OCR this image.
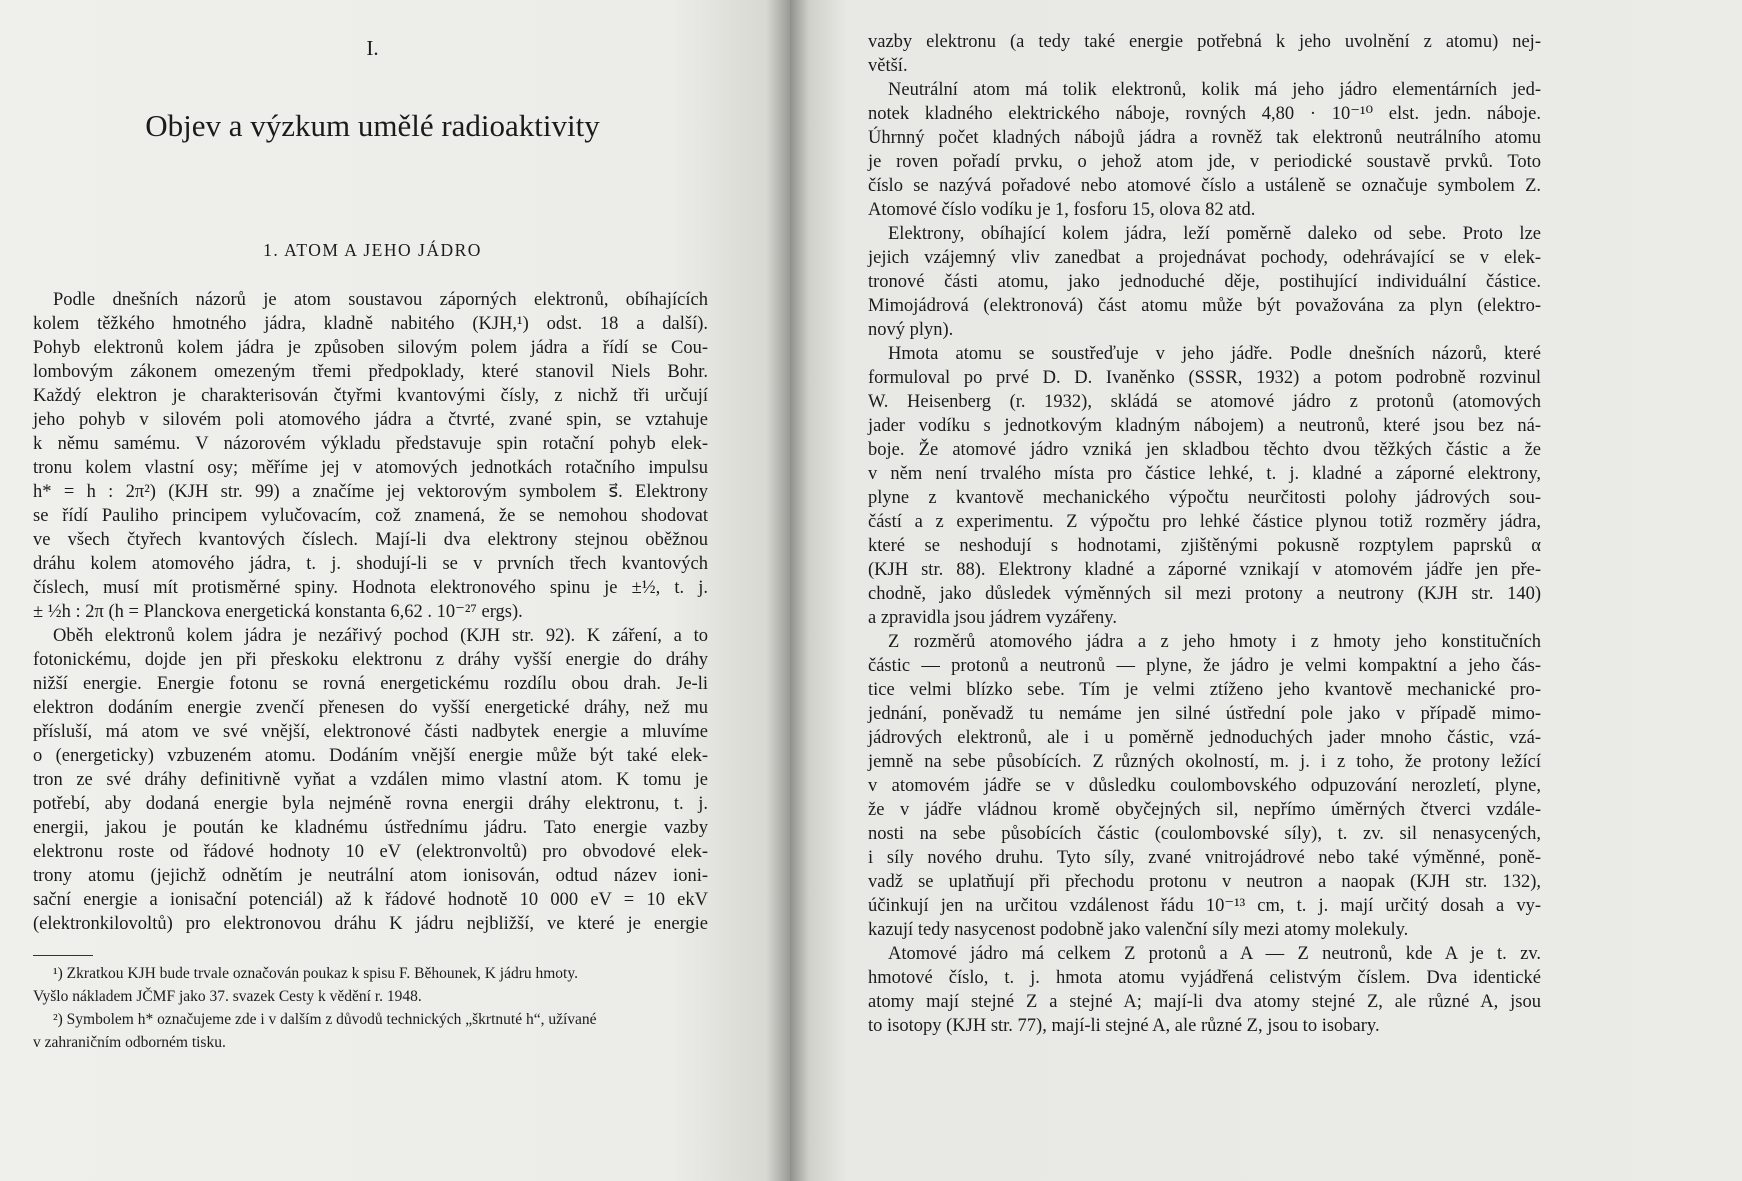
I.
Objev a výzkum umělé radioaktivity
1. ATOM A JEHO JÁDRO
Podle dnešních názorů je atom soustavou záporných elektronů, obíhajících
kolem těžkého hmotného jádra, kladně nabitého (KJH,¹) odst. 18 a další).
Pohyb elektronů kolem jádra je způsoben silovým polem jádra a řídí se Cou-
lombovým zákonem omezeným třemi předpoklady, které stanovil Niels Bohr.
Každý elektron je charakterisován čtyřmi kvantovými čísly, z nichž tři určují
jeho pohyb v silovém poli atomového jádra a čtvrté, zvané spin, se vztahuje
k němu samému. V názorovém výkladu představuje spin rotační pohyb elek-
tronu kolem vlastní osy; měříme jej v atomových jednotkách rotačního impulsu
h* = h : 2π²) (KJH str. 99) a značíme jej vektorovým symbolem s⃗. Elektrony
se řídí Pauliho principem vylučovacím, což znamená, že se nemohou shodovat
ve všech čtyřech kvantových číslech. Mají-li dva elektrony stejnou oběžnou
dráhu kolem atomového jádra, t. j. shodují-li se v prvních třech kvantových
číslech, musí mít protisměrné spiny. Hodnota elektronového spinu je ±½, t. j.
± ½h : 2π (h = Planckova energetická konstanta 6,62 . 10⁻²⁷ ergs).
Oběh elektronů kolem jádra je nezářivý pochod (KJH str. 92). K záření, a to
fotonickému, dojde jen při přeskoku elektronu z dráhy vyšší energie do dráhy
nižší energie. Energie fotonu se rovná energetickému rozdílu obou drah. Je-li
elektron dodáním energie zvenčí přenesen do vyšší energetické dráhy, než mu
přísluší, má atom ve své vnější, elektronové části nadbytek energie a mluvíme
o (energeticky) vzbuzeném atomu. Dodáním vnější energie může být také elek-
tron ze své dráhy definitivně vyňat a vzdálen mimo vlastní atom. K tomu je
potřebí, aby dodaná energie byla nejméně rovna energii dráhy elektronu, t. j.
energii, jakou je poután ke kladnému ústřednímu jádru. Tato energie vazby
elektronu roste od řádové hodnoty 10 eV (elektronvoltů) pro obvodové elek-
trony atomu (jejichž odnětím je neutrální atom ionisován, odtud název ioni-
sační energie a ionisační potenciál) až k řádové hodnotě 10 000 eV = 10 ekV
(elektronkilovoltů) pro elektronovou dráhu K jádru nejbližší, ve které je energie
¹) Zkratkou KJH bude trvale označován poukaz k spisu F. Běhounek, K jádru hmoty.
Vyšlo nákladem JČMF jako 37. svazek Cesty k vědění r. 1948.
²) Symbolem h* označujeme zde i v dalším z důvodů technických „škrtnuté h“, užívané
v zahraničním odborném tisku.
vazby elektronu (a tedy také energie potřebná k jeho uvolnění z atomu) nej-
větší.
Neutrální atom má tolik elektronů, kolik má jeho jádro elementárních jed-
notek kladného elektrického náboje, rovných 4,80 · 10⁻¹⁰ elst. jedn. náboje.
Úhrnný počet kladných nábojů jádra a rovněž tak elektronů neutrálního atomu
je roven pořadí prvku, o jehož atom jde, v periodické soustavě prvků. Toto
číslo se nazývá pořadové nebo atomové číslo a ustáleně se označuje symbolem Z.
Atomové číslo vodíku je 1, fosforu 15, olova 82 atd.
Elektrony, obíhající kolem jádra, leží poměrně daleko od sebe. Proto lze
jejich vzájemný vliv zanedbat a projednávat pochody, odehrávající se v elek-
tronové části atomu, jako jednoduché děje, postihující individuální částice.
Mimojádrová (elektronová) část atomu může být považována za plyn (elektro-
nový plyn).
Hmota atomu se soustřeďuje v jeho jádře. Podle dnešních názorů, které
formuloval po prvé D. D. Ivaněnko (SSSR, 1932) a potom podrobně rozvinul
W. Heisenberg (r. 1932), skládá se atomové jádro z protonů (atomových
jader vodíku s jednotkovým kladným nábojem) a neutronů, které jsou bez ná-
boje. Že atomové jádro vzniká jen skladbou těchto dvou těžkých částic a že
v něm není trvalého místa pro částice lehké, t. j. kladné a záporné elektrony,
plyne z kvantově mechanického výpočtu neurčitosti polohy jádrových sou-
částí a z experimentu. Z výpočtu pro lehké částice plynou totiž rozměry jádra,
které se neshodují s hodnotami, zjištěnými pokusně rozptylem paprsků α
(KJH str. 88). Elektrony kladné a záporné vznikají v atomovém jádře jen pře-
chodně, jako důsledek výměnných sil mezi protony a neutrony (KJH str. 140)
a zpravidla jsou jádrem vyzářeny.
Z rozměrů atomového jádra a z jeho hmoty i z hmoty jeho konstitučních
částic — protonů a neutronů — plyne, že jádro je velmi kompaktní a jeho čás-
tice velmi blízko sebe. Tím je velmi ztíženo jeho kvantově mechanické pro-
jednání, poněvadž tu nemáme jen silné ústřední pole jako v případě mimo-
jádrových elektronů, ale i u poměrně jednoduchých jader mnoho částic, vzá-
jemně na sebe působících. Z různých okolností, m. j. i z toho, že protony ležící
v atomovém jádře se v důsledku coulombovského odpuzování nerozletí, plyne,
že v jádře vládnou kromě obyčejných sil, nepřímo úměrných čtverci vzdále-
nosti na sebe působících částic (coulombovské síly), t. zv. sil nenasycených,
i síly nového druhu. Tyto síly, zvané vnitrojádrové nebo také výměnné, poně-
vadž se uplatňují při přechodu protonu v neutron a naopak (KJH str. 132),
účinkují jen na určitou vzdálenost řádu 10⁻¹³ cm, t. j. mají určitý dosah a vy-
kazují tedy nasycenost podobně jako valenční síly mezi atomy molekuly.
Atomové jádro má celkem Z protonů a A — Z neutronů, kde A je t. zv.
hmotové číslo, t. j. hmota atomu vyjádřená celistvým číslem. Dva identické
atomy mají stejné Z a stejné A; mají-li dva atomy stejné Z, ale různé A, jsou
to isotopy (KJH str. 77), mají-li stejné A, ale různé Z, jsou to isobary.
